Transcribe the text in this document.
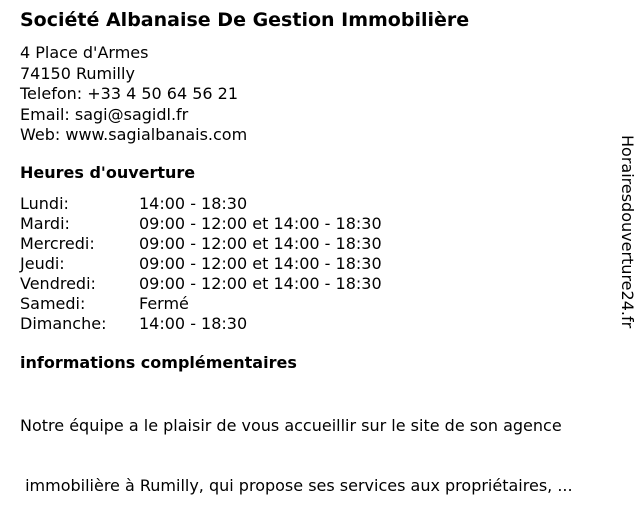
Société Albanaise De Gestion Immobilière
4 Place d'Armes
74150 Rumilly
Telefon: +33 4 50 64 56 21
Email: sagi@sagidl.fr
Web: www.sagialbanais.com
Heures d'ouverture
Lundi:	14:00 - 18:30
Mardi:	09:00 - 12:00 et 14:00 - 18:30
Mercredi:	09:00 - 12:00 et 14:00 - 18:30
Jeudi:	09:00 - 12:00 et 14:00 - 18:30
Vendredi:	09:00 - 12:00 et 14:00 - 18:30
Samedi:	Fermé
Dimanche:	14:00 - 18:30
informations complémentaires

Notre équipe a le plaisir de vous accueillir sur le site de son agence

immobilière à Rumilly, qui propose ses services aux propriétaires, ...

Horairesdouverture24.fr
